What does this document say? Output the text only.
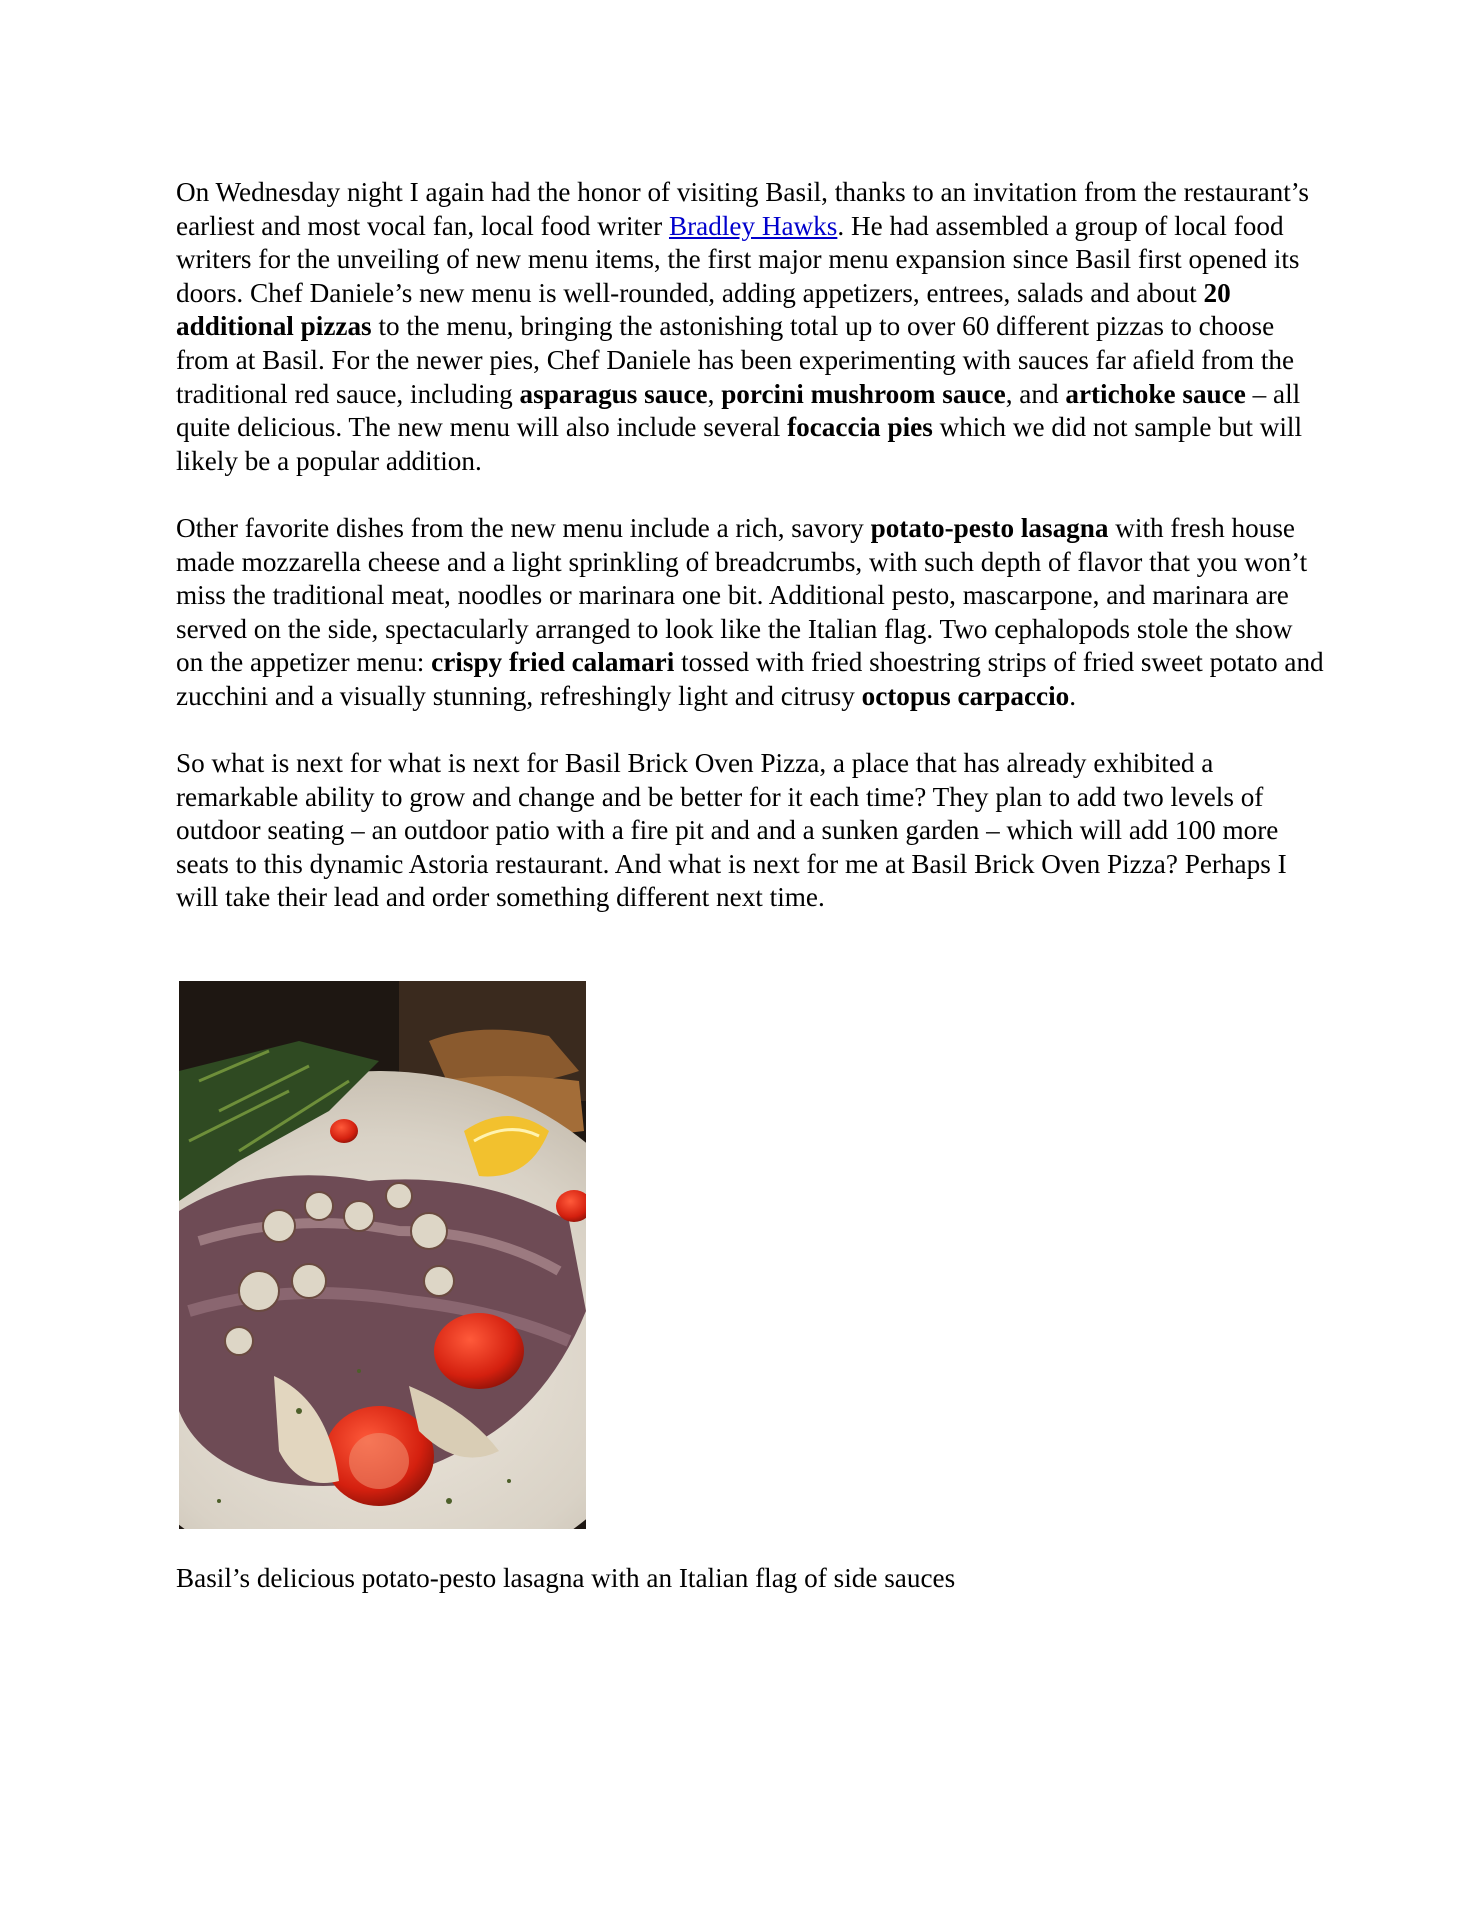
On Wednesday night I again had the honor of visiting Basil, thanks to an invitation from the restaurant’s earliest and most vocal fan, local food writer Bradley Hawks. He had assembled a group of local food writers for the unveiling of new menu items, the first major menu expansion since Basil first opened its doors. Chef Daniele’s new menu is well-rounded, adding appetizers, entrees, salads and about 20 additional pizzas to the menu, bringing the astonishing total up to over 60 different pizzas to choose from at Basil. For the newer pies, Chef Daniele has been experimenting with sauces far afield from the traditional red sauce, including asparagus sauce, porcini mushroom sauce, and artichoke sauce – all quite delicious. The new menu will also include several focaccia pies which we did not sample but will likely be a popular addition.

Other favorite dishes from the new menu include a rich, savory potato-pesto lasagna with fresh house made mozzarella cheese and a light sprinkling of breadcrumbs, with such depth of flavor that you won’t miss the traditional meat, noodles or marinara one bit. Additional pesto, mascarpone, and marinara are served on the side, spectacularly arranged to look like the Italian flag. Two cephalopods stole the show on the appetizer menu: crispy fried calamari tossed with fried shoestring strips of fried sweet potato and zucchini and a visually stunning, refreshingly light and citrusy octopus carpaccio.

So what is next for what is next for Basil Brick Oven Pizza, a place that has already exhibited a remarkable ability to grow and change and be better for it each time? They plan to add two levels of outdoor seating – an outdoor patio with a fire pit and and a sunken garden – which will add 100 more seats to this dynamic Astoria restaurant. And what is next for me at Basil Brick Oven Pizza? Perhaps I will take their lead and order something different next time.

Basil’s delicious potato-pesto lasagna with an Italian flag of side sauces
